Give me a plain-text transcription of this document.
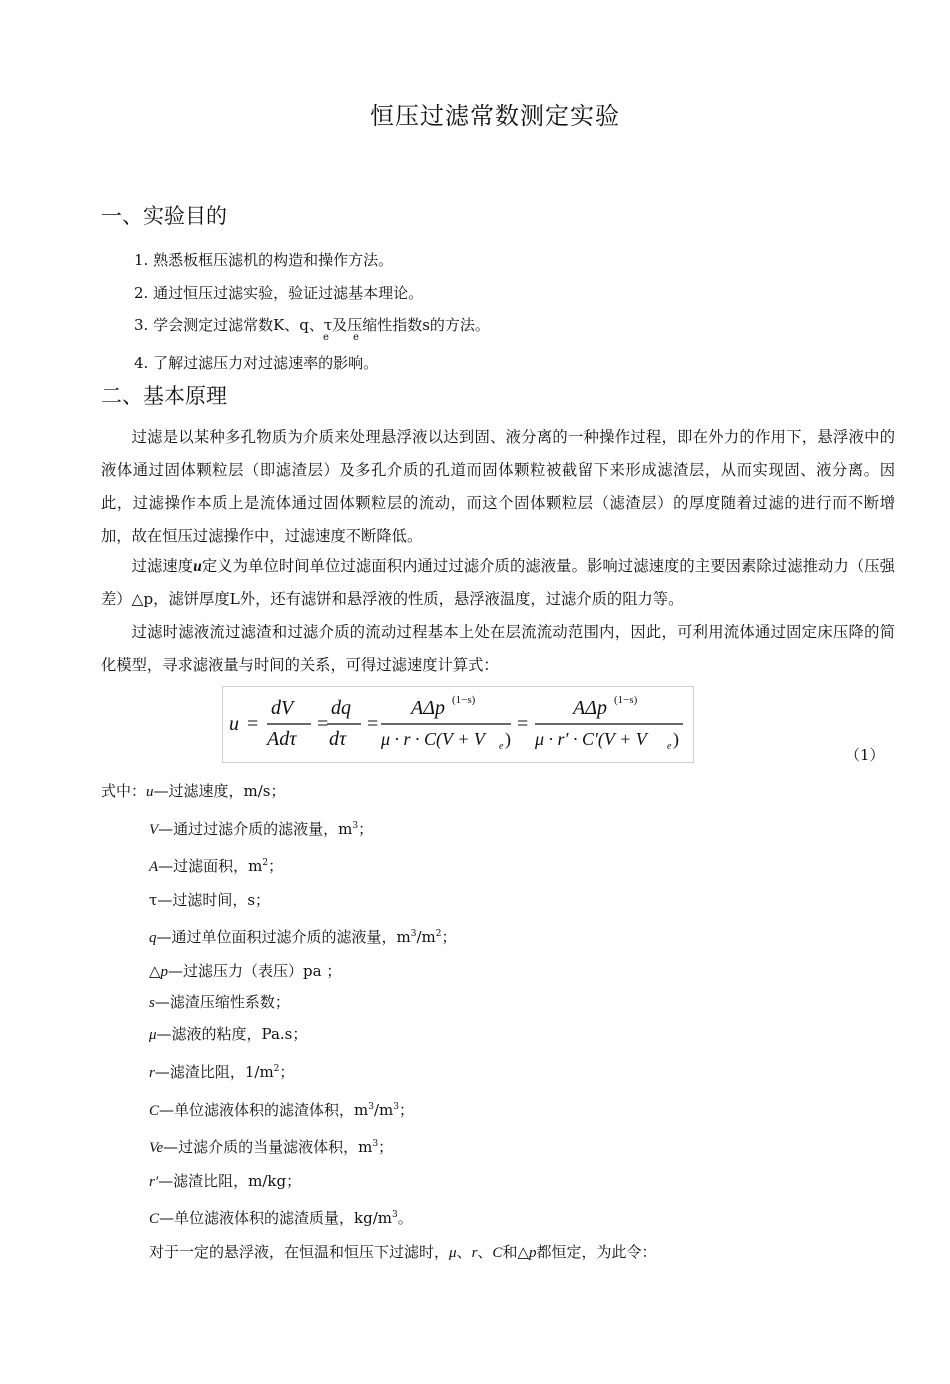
恒压过滤常数测定实验
一、实验目的
1. 熟悉板框压滤机的构造和操作方法。
2. 通过恒压过滤实验，验证过滤基本理论。
3. 学会测定过滤常数K、q、τ及压缩性指数s的方法。
e e
4. 了解过滤压力对过滤速率的影响。
二、基本原理
过滤是以某种多孔物质为介质来处理悬浮液以达到固、液分离的一种操作过程，即在外力的作用下，悬浮液中的液体通过固体颗粒层（即滤渣层）及多孔介质的孔道而固体颗粒被截留下来形成滤渣层，从而实现固、液分离。因此，过滤操作本质上是流体通过固体颗粒层的流动，而这个固体颗粒层（滤渣层）的厚度随着过滤的进行而不断增加，故在恒压过滤操作中，过滤速度不断降低。
过滤速度u定义为单位时间单位过滤面积内通过过滤介质的滤液量。影响过滤速度的主要因素除过滤推动力（压强差）△p，滤饼厚度L外，还有滤饼和悬浮液的性质，悬浮液温度，过滤介质的阻力等。
过滤时滤液流过滤渣和过滤介质的流动过程基本上处在层流流动范围内，因此，可利用流体通过固定床压降的简化模型，寻求滤液量与时间的关系，可得过滤速度计算式：
u =
dV
Adτ
=
dq
dτ
=
AΔp (1−s)
μ · r · C(V + V e )
=
AΔp (1−s)
μ · r′ · C′(V + V e )
（1）
式中：u—过滤速度，m/s；
V—通过过滤介质的滤液量，$m^3$；
A—过滤面积，$m^2$；
τ—过滤时间，s；
q—通过单位面积过滤介质的滤液量，$m^3/m^2$；
△p—过滤压力（表压）pa ；
s—滤渣压缩性系数；
μ—滤液的粘度，Pa.s；
r—滤渣比阻，$1/m^2$；
C—单位滤液体积的滤渣体积，$m^3/m^3$；
Ve—过滤介质的当量滤液体积，$m^3$；
r′—滤渣比阻，m/kg；
C—单位滤液体积的滤渣质量，$kg/m^3$。
对于一定的悬浮液，在恒温和恒压下过滤时，μ、r、C和△p都恒定，为此令：
